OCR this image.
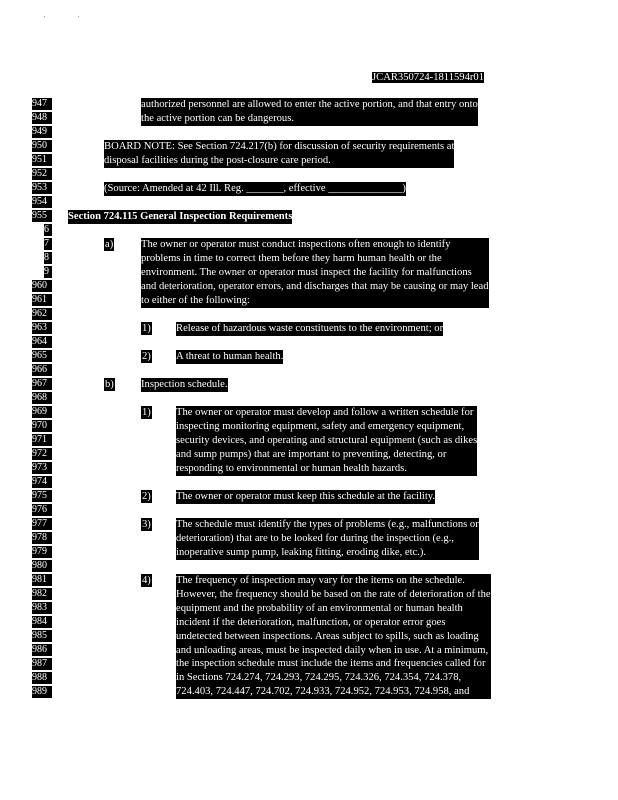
'	'
JCAR350724-1811594r01
947
948
949
950
951
952
953
954
955
6
7
8
9
960
961
962
963
964
965
966
967
968
969
970
971
972
973
974
975
976
977
978
979
980
981
982
983
984
985
986
987
988
989
authorized personnel are allowed to enter the active portion, and that entry onto
the active portion can be dangerous.
BOARD NOTE: See Section 724.217(b) for discussion of security requirements at
disposal facilities during the post-closure care period.
(Source: Amended at 42 Ill. Reg. _______, effective ______________)
Section 724.115 General Inspection Requirements
a)	The owner or operator must conduct inspections often enough to identify
problems in time to correct them before they harm human health or the
environment. The owner or operator must inspect the facility for malfunctions
and deterioration, operator errors, and discharges that may be causing or may lead
to either of the following:
1) Release of hazardous waste constituents to the environment; or
2) A threat to human health.
b)	Inspection schedule.
1) The owner or operator must develop and follow a written schedule for
inspecting monitoring equipment, safety and emergency equipment,
security devices, and operating and structural equipment (such as dikes
and sump pumps) that are important to preventing, detecting, or
responding to environmental or human health hazards.
2) The owner or operator must keep this schedule at the facility.
3) The schedule must identify the types of problems (e.g., malfunctions or
deterioration) that are to be looked for during the inspection (e.g.,
inoperative sump pump, leaking fitting, eroding dike, etc.).
4) The frequency of inspection may vary for the items on the schedule.
However, the frequency should be based on the rate of deterioration of the
equipment and the probability of an environmental or human health
incident if the deterioration, malfunction, or operator error goes
undetected between inspections. Areas subject to spills, such as loading
and unloading areas, must be inspected daily when in use. At a minimum,
the inspection schedule must include the items and frequencies called for
in Sections 724.274, 724.293, 724.295, 724.326, 724.354, 724.378,
724.403, 724.447, 724.702, 724.933, 724.952, 724.953, 724.958, and
